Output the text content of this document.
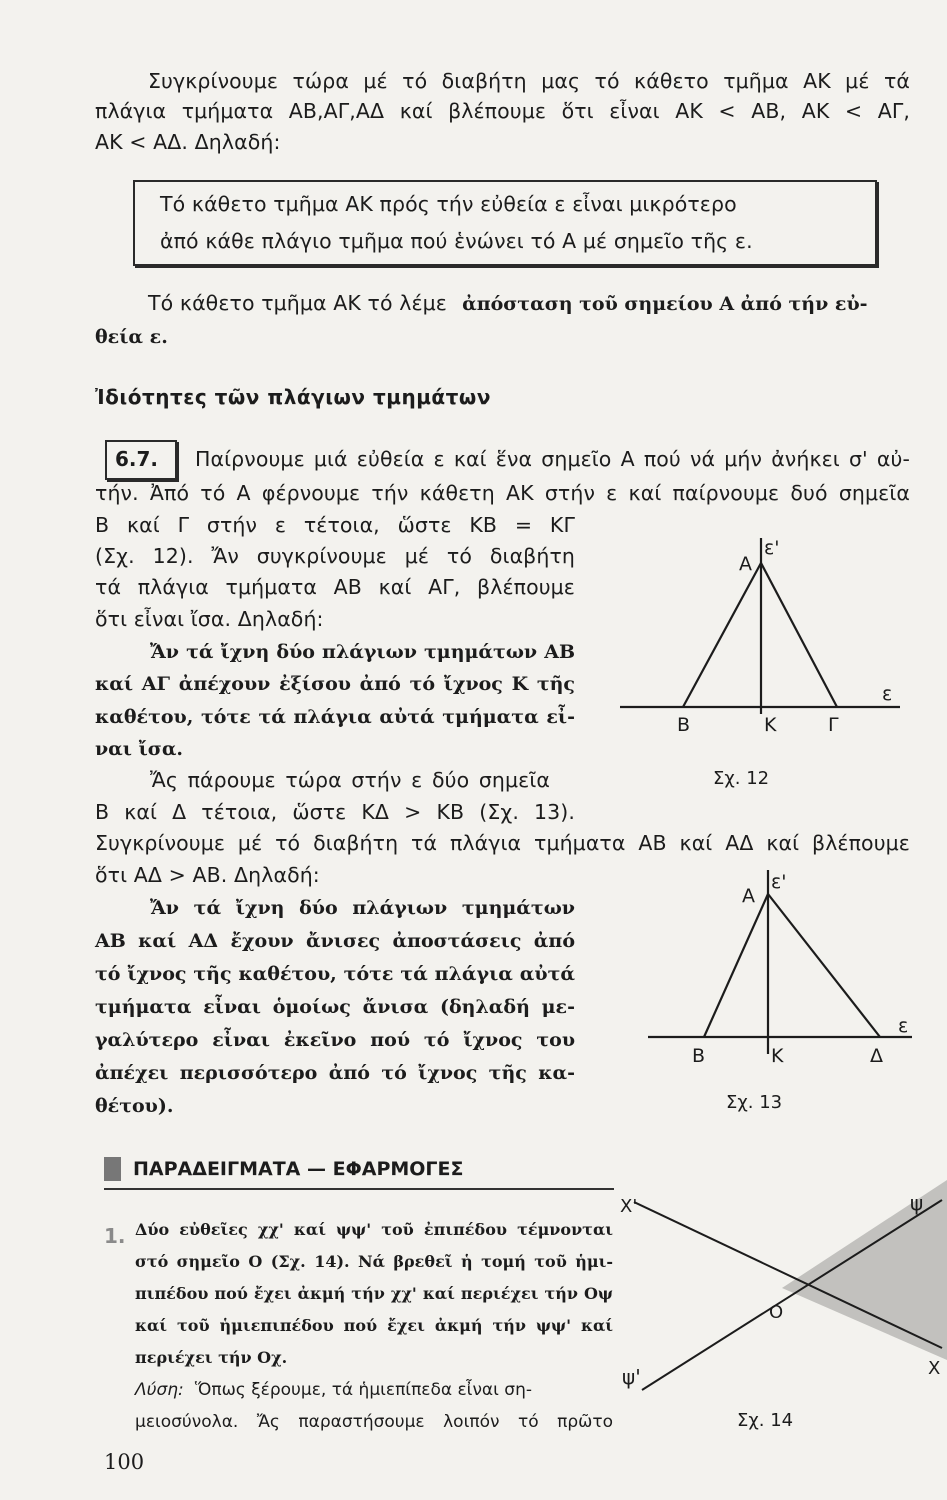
Συγκρίνουμε τώρα μέ τό διαβήτη μας τό κάθετο τμῆμα ΑΚ μέ τά
πλάγια τμήματα ΑΒ,ΑΓ,ΑΔ καί βλέπουμε ὅτι εἶναι ΑΚ < ΑΒ, ΑΚ < ΑΓ,
ΑΚ < ΑΔ. Δηλαδή:
Τό κάθετο τμῆμα ΑΚ πρός τήν εὐθεία ε εἶναι μικρότερο
ἀπό κάθε πλάγιο τμῆμα πού ἑνώνει τό Α μέ σημεῖο τῆς ε.
Τό κάθετο τμῆμα ΑΚ τό λέμε ἀπόσταση τοῦ σημείου Α ἀπό τήν εὐ-
θεία ε.
Ἰδιότητες τῶν πλάγιων τμημάτων
6.7. Παίρνουμε μιά εὐθεία ε καί ἕνα σημεῖο Α πού νά μήν ἀνήκει σ' αὐ-
τήν. Ἀπό τό Α φέρνουμε τήν κάθετη ΑΚ στήν ε καί παίρνουμε δυό σημεῖα
Β καί Γ στήν ε τέτοια, ὥστε ΚΒ = ΚΓ
(Σχ. 12). Ἄν συγκρίνουμε μέ τό διαβήτη
τά πλάγια τμήματα ΑΒ καί ΑΓ, βλέπουμε
ὅτι εἶναι ἴσα. Δηλαδή:
Ἄν τά ἴχνη δύο πλάγιων τμημάτων ΑΒ
καί ΑΓ ἀπέχουν ἐξίσου ἀπό τό ἴχνος Κ τῆς
καθέτου, τότε τά πλάγια αὐτά τμήματα εἶ-
ναι ἴσα.
Ἄς πάρουμε τώρα στήν ε δύο σημεῖα
Β καί Δ τέτοια, ὥστε ΚΔ > ΚΒ (Σχ. 13).
Συγκρίνουμε μέ τό διαβήτη τά πλάγια τμήματα ΑΒ καί ΑΔ καί βλέπουμε
ὅτι ΑΔ > ΑΒ. Δηλαδή:
Ἄν τά ἴχνη δύο πλάγιων τμημάτων
ΑΒ καί ΑΔ ἔχουν ἄνισες ἀποστάσεις ἀπό
τό ἴχνος τῆς καθέτου, τότε τά πλάγια αὐτά
τμήματα εἶναι ὁμοίως ἄνισα (δηλαδή με-
γαλύτερο εἶναι ἐκεῖνο πού τό ἴχνος του
ἀπέχει περισσότερο ἀπό τό ἴχνος τῆς κα-
θέτου).
ε'
Α
ε
Β	Κ	Γ
Σχ. 12
ε'
Α
ε
Β	Κ	Δ
Σχ. 13
ΠΑΡΑΔΕΙΓΜΑΤΑ — ΕΦΑΡΜΟΓΕΣ
1. Δύο εὐθεῖες χχ' καί ψψ' τοῦ ἐπιπέδου τέμνονται
στό σημεῖο Ο (Σχ. 14). Νά βρεθεῖ ἡ τομή τοῦ ἡμι-
πιπέδου πού ἔχει ἀκμή τήν χχ' καί περιέχει τήν Οψ
καί τοῦ ἡμιεπιπέδου πού ἔχει ἀκμή τήν ψψ' καί
περιέχει τήν Οχ.
Λύση: Ὅπως ξέρουμε, τά ἡμιεπίπεδα εἶναι ση-
μειοσύνολα. Ἄς παραστήσουμε λοιπόν τό πρῶτο
Χ'	ψ
Ο
ψ'	Χ
Σχ. 14
100
